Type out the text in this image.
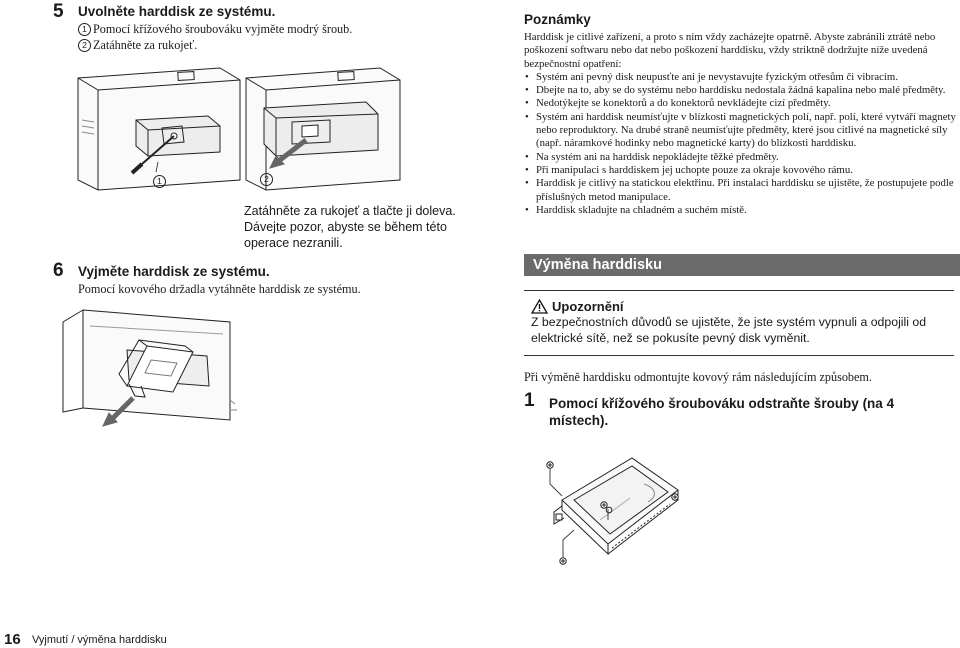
5 Uvolněte harddisk ze systému.
1 Pomocí křížového šroubováku vyjměte modrý šroub.
2 Zatáhněte za rukojeť.
1	2
Zatáhněte za rukojeť a tlačte ji doleva.
Dávejte pozor, abyste se během této
operace nezranili.
6 Vyjměte harddisk ze systému.
Pomocí kovového držadla vytáhněte harddisk ze systému.
Poznámky

Harddisk je citlivé zařízení, a proto s ním vždy zacházejte opatrně. Abyste zabránili ztrátě nebo poškození softwaru nebo dat nebo poškození harddisku, vždy striktně dodržujte níže uvedená bezpečnostní opatření:

• Systém ani pevný disk neupusťte ani je nevystavujte fyzickým otřesům či vibracím.
• Dbejte na to, aby se do systému nebo harddisku nedostala žádná kapalina nebo malé předměty.
• Nedotýkejte se konektorů a do konektorů nevkládejte cizí předměty.
• Systém ani harddisk neumísťujte v blízkosti magnetických polí, např. polí, které vytváří magnety nebo reproduktory. Na drubé straně neumísťujte předměty, které jsou citlivé na magnetické síly (např. náramkové hodinky nebo magnetické karty) do blízkosti harddisku.
• Na systém ani na harddisk nepokládejte těžké předměty.
• Při manipulaci s harddiskem jej uchopte pouze za okraje kovového rámu.
• Harddisk je citlivý na statickou elektřinu. Při instalaci harddisku se ujistěte, že postupujete podle příslušných metod manipulace.
• Harddisk skladujte na chladném a suchém místě.
Výměna harddisku
Upozornění
Z bezpečnostních důvodů se ujistěte, že jste systém vypnuli a odpojili od elektrické sítě, než se pokusíte pevný disk vyměnit.
Při výměně harddisku odmontujte kovový rám následujícím způsobem.
1 Pomocí křížového šroubováku odstraňte šrouby (na 4 místech).
16 Vyjmutí / výměna harddisku
